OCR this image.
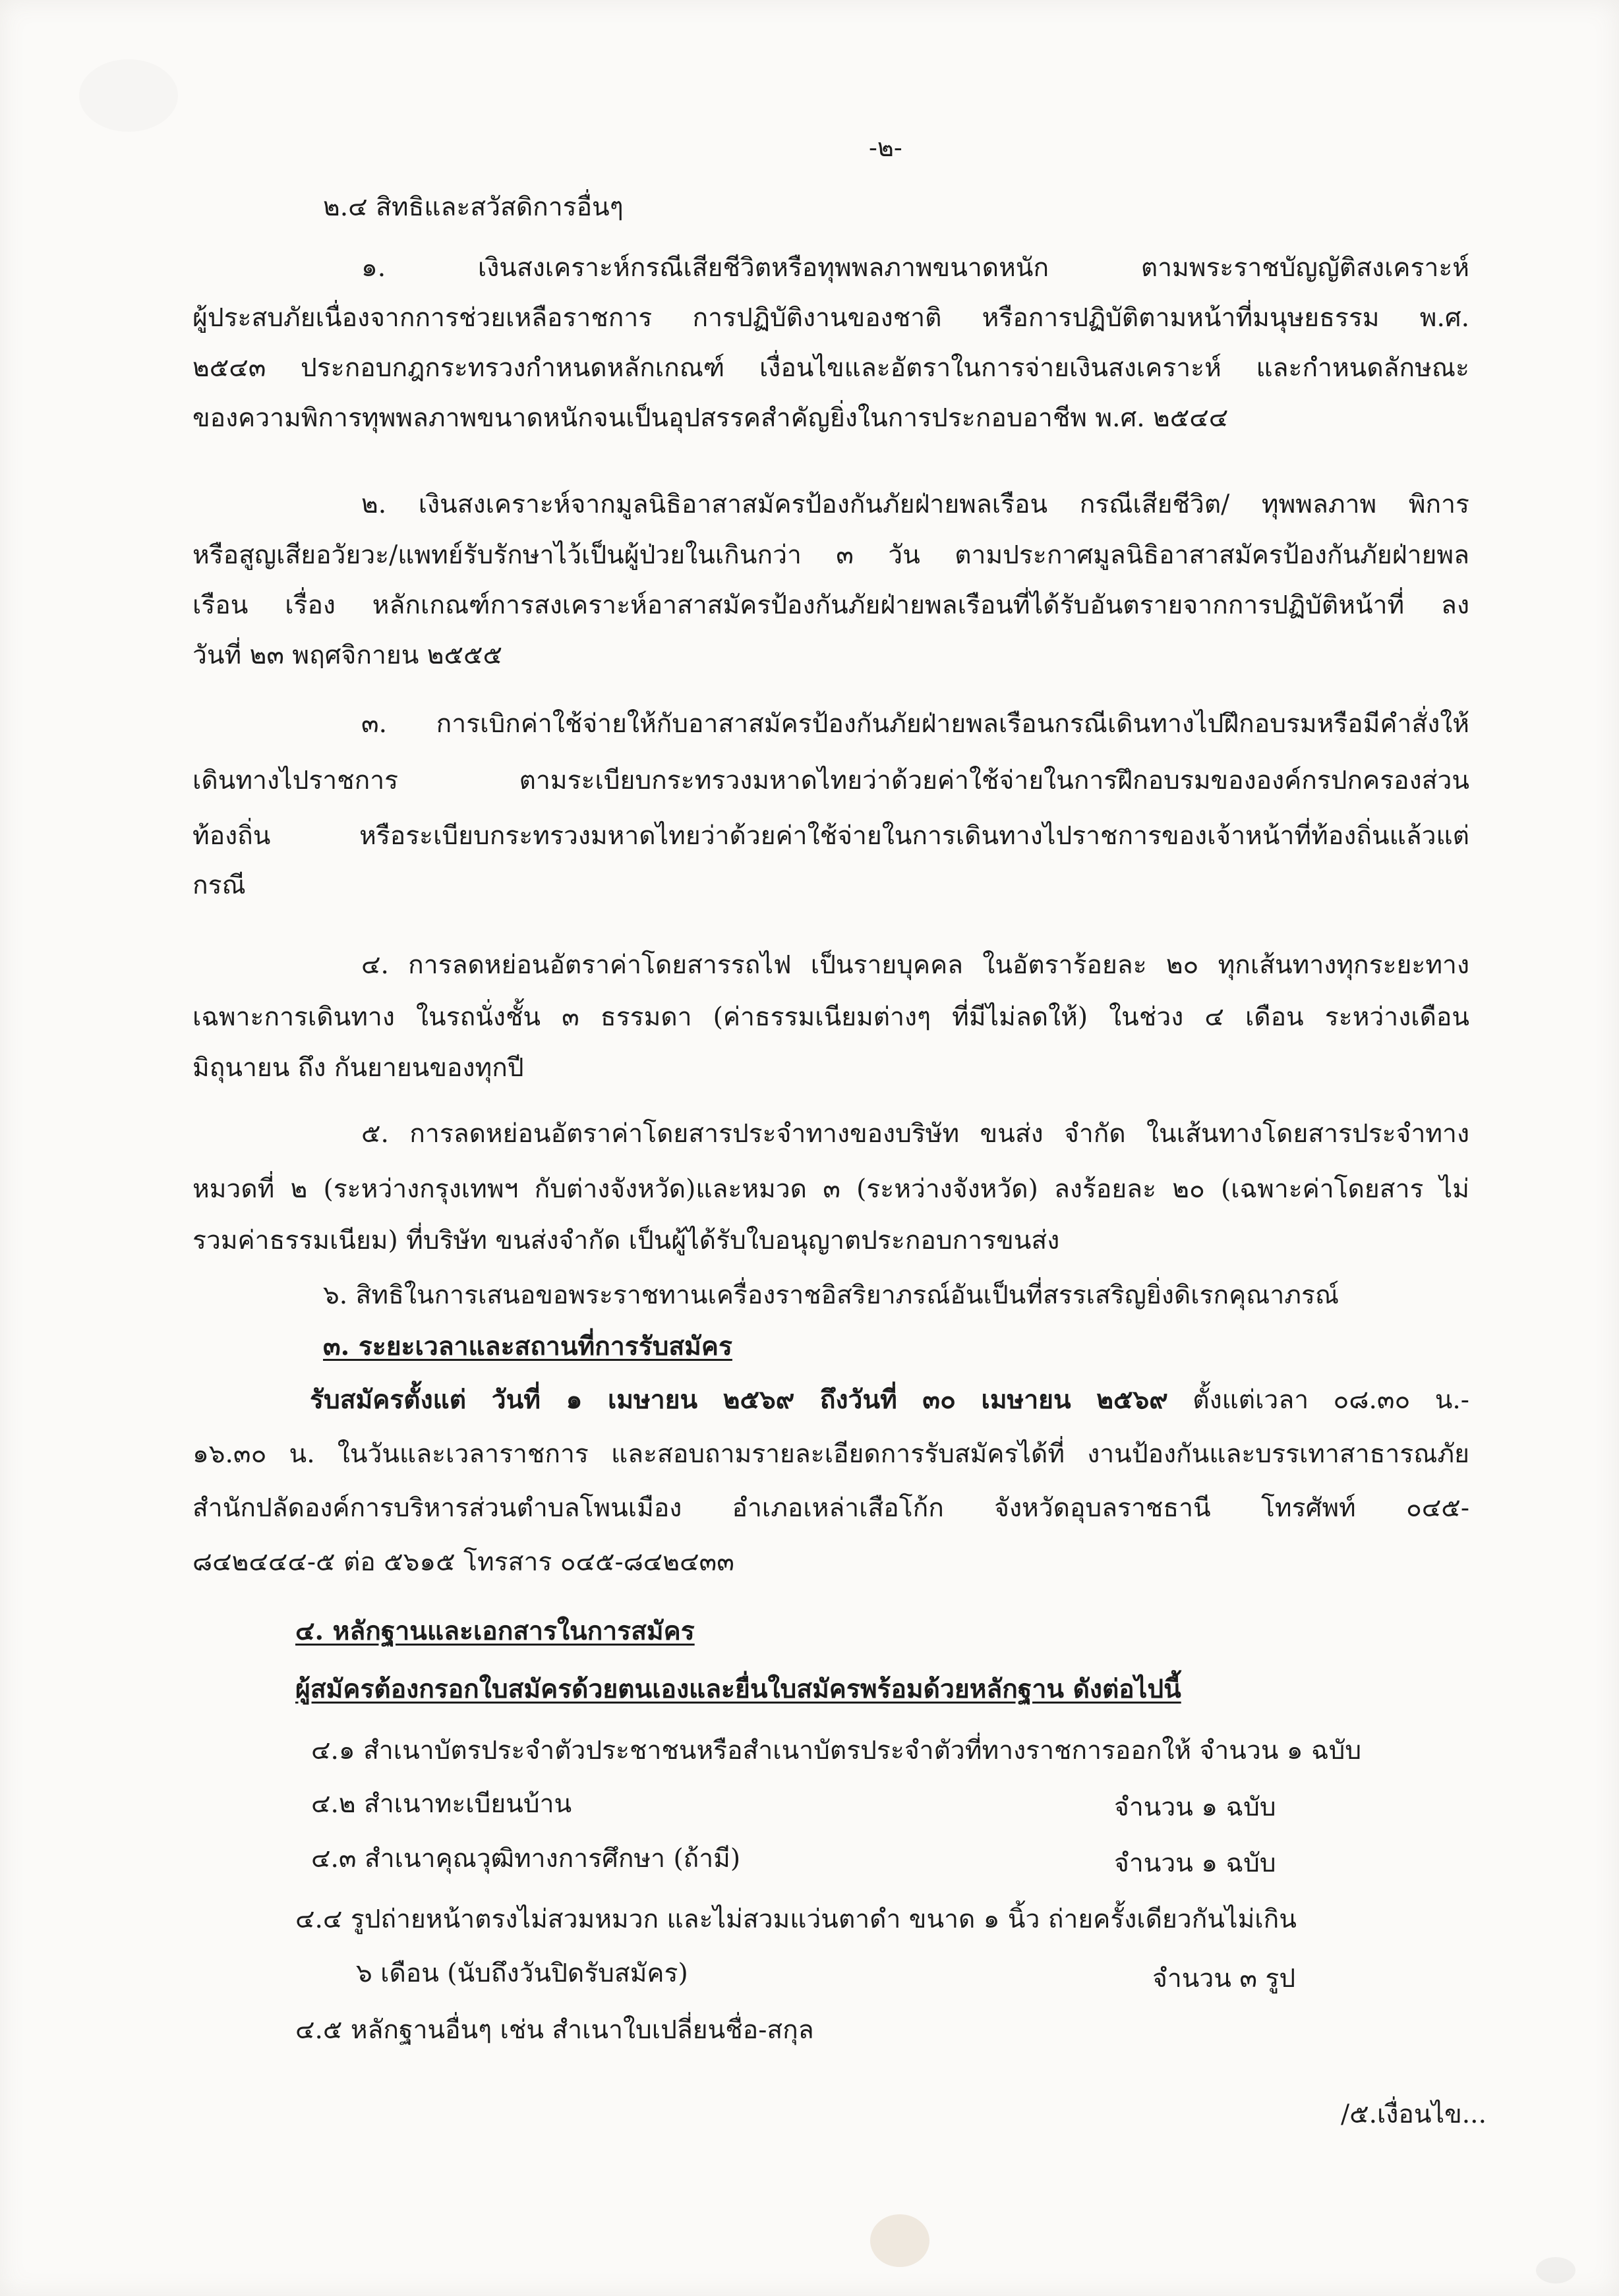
-๒-
๒.๔ สิทธิและสวัสดิการอื่นๆ
๑. เงินสงเคราะห์กรณีเสียชีวิตหรือทุพพลภาพขนาดหนัก ตามพระราชบัญญัติสงเคราะห์
ผู้ประสบภัยเนื่องจากการช่วยเหลือราชการ การปฏิบัติงานของชาติ หรือการปฏิบัติตามหน้าที่มนุษยธรรม พ.ศ.
๒๕๔๓ ประกอบกฎกระทรวงกำหนดหลักเกณฑ์ เงื่อนไขและอัตราในการจ่ายเงินสงเคราะห์ และกำหนดลักษณะ
ของความพิการทุพพลภาพขนาดหนักจนเป็นอุปสรรคสำคัญยิ่งในการประกอบอาชีพ พ.ศ. ๒๕๔๔
๒. เงินสงเคราะห์จากมูลนิธิอาสาสมัครป้องกันภัยฝ่ายพลเรือน กรณีเสียชีวิต/ ทุพพลภาพ พิการ
หรือสูญเสียอวัยวะ/แพทย์รับรักษาไว้เป็นผู้ป่วยในเกินกว่า ๓ วัน ตามประกาศมูลนิธิอาสาสมัครป้องกันภัยฝ่ายพล
เรือน เรื่อง หลักเกณฑ์การสงเคราะห์อาสาสมัครป้องกันภัยฝ่ายพลเรือนที่ได้รับอันตรายจากการปฏิบัติหน้าที่ ลง
วันที่ ๒๓ พฤศจิกายน ๒๕๕๕
๓. การเบิกค่าใช้จ่ายให้กับอาสาสมัครป้องกันภัยฝ่ายพลเรือนกรณีเดินทางไปฝึกอบรมหรือมีคำสั่งให้
เดินทางไปราชการ ตามระเบียบกระทรวงมหาดไทยว่าด้วยค่าใช้จ่ายในการฝึกอบรมขององค์กรปกครองส่วน
ท้องถิ่น หรือระเบียบกระทรวงมหาดไทยว่าด้วยค่าใช้จ่ายในการเดินทางไปราชการของเจ้าหน้าที่ท้องถิ่นแล้วแต่
กรณี
๔. การลดหย่อนอัตราค่าโดยสารรถไฟ เป็นรายบุคคล ในอัตราร้อยละ ๒๐ ทุกเส้นทางทุกระยะทาง
เฉพาะการเดินทาง ในรถนั่งชั้น ๓ ธรรมดา (ค่าธรรมเนียมต่างๆ ที่มีไม่ลดให้) ในช่วง ๔ เดือน ระหว่างเดือน
มิถุนายน ถึง กันยายนของทุกปี
๕. การลดหย่อนอัตราค่าโดยสารประจำทางของบริษัท ขนส่ง จำกัด ในเส้นทางโดยสารประจำทาง
หมวดที่ ๒ (ระหว่างกรุงเทพฯ กับต่างจังหวัด)และหมวด ๓ (ระหว่างจังหวัด) ลงร้อยละ ๒๐ (เฉพาะค่าโดยสาร ไม่
รวมค่าธรรมเนียม) ที่บริษัท ขนส่งจำกัด เป็นผู้ได้รับใบอนุญาตประกอบการขนส่ง
๖. สิทธิในการเสนอขอพระราชทานเครื่องราชอิสริยาภรณ์อันเป็นที่สรรเสริญยิ่งดิเรกคุณาภรณ์
๓. ระยะเวลาและสถานที่การรับสมัคร
รับสมัครตั้งแต่ วันที่ ๑ เมษายน ๒๕๖๙ ถึงวันที่ ๓๐ เมษายน ๒๕๖๙ ตั้งแต่เวลา ๐๘.๓๐ น.-
๑๖.๓๐ น. ในวันและเวลาราชการ และสอบถามรายละเอียดการรับสมัครได้ที่ งานป้องกันและบรรเทาสาธารณภัย
สำนักปลัดองค์การบริหารส่วนตำบลโพนเมือง อำเภอเหล่าเสือโก้ก จังหวัดอุบลราชธานี โทรศัพท์ ๐๔๕-
๘๔๒๔๔๔-๕ ต่อ ๕๖๑๕ โทรสาร ๐๔๕-๘๔๒๔๓๓
๔. หลักฐานและเอกสารในการสมัคร
ผู้สมัครต้องกรอกใบสมัครด้วยตนเองและยื่นใบสมัครพร้อมด้วยหลักฐาน ดังต่อไปนี้
๔.๑ สำเนาบัตรประจำตัวประชาชนหรือสำเนาบัตรประจำตัวที่ทางราชการออกให้ จำนวน ๑ ฉบับ
๔.๒ สำเนาทะเบียนบ้าน	จำนวน ๑ ฉบับ
๔.๓ สำเนาคุณวุฒิทางการศึกษา (ถ้ามี)	จำนวน ๑ ฉบับ
๔.๔ รูปถ่ายหน้าตรงไม่สวมหมวก และไม่สวมแว่นตาดำ ขนาด ๑ นิ้ว ถ่ายครั้งเดียวกันไม่เกิน
๖ เดือน (นับถึงวันปิดรับสมัคร)	จำนวน ๓ รูป
๔.๕ หลักฐานอื่นๆ เช่น สำเนาใบเปลี่ยนชื่อ-สกุล
/๕.เงื่อนไข...
